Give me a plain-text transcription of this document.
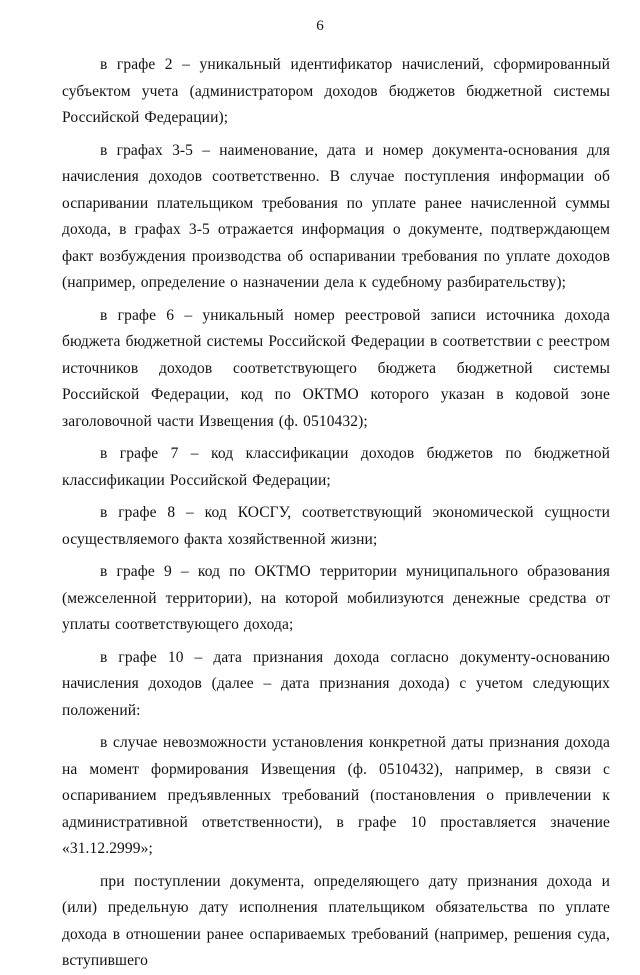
6

в графе 2 – уникальный идентификатор начислений, сформированный субъектом учета (администратором доходов бюджетов бюджетной системы Российской Федерации);

в графах 3-5 – наименование, дата и номер документа-основания для начисления доходов соответственно. В случае поступления информации об оспаривании плательщиком требования по уплате ранее начисленной суммы дохода, в графах 3-5 отражается информация о документе, подтверждающем факт возбуждения производства об оспаривании требования по уплате доходов (например, определение о назначении дела к судебному разбирательству);

в графе 6 – уникальный номер реестровой записи источника дохода бюджета бюджетной системы Российской Федерации в соответствии с реестром источников доходов соответствующего бюджета бюджетной системы Российской Федерации, код по ОКТМО которого указан в кодовой зоне заголовочной части Извещения (ф. 0510432);

в графе 7 – код классификации доходов бюджетов по бюджетной классификации Российской Федерации;

в графе 8 – код КОСГУ, соответствующий экономической сущности осуществляемого факта хозяйственной жизни;

в графе 9 – код по ОКТМО территории муниципального образования (межселенной территории), на которой мобилизуются денежные средства от уплаты соответствующего дохода;

в графе 10 – дата признания дохода согласно документу-основанию начисления доходов (далее – дата признания дохода) с учетом следующих положений:

в случае невозможности установления конкретной даты признания дохода на момент формирования Извещения (ф. 0510432), например, в связи с оспариванием предъявленных требований (постановления о привлечении к административной ответственности), в графе 10 проставляется значение «31.12.2999»;

при поступлении документа, определяющего дату признания дохода и (или) предельную дату исполнения плательщиком обязательства по уплате дохода в отношении ранее оспариваемых требований (например, решения суда, вступившего
